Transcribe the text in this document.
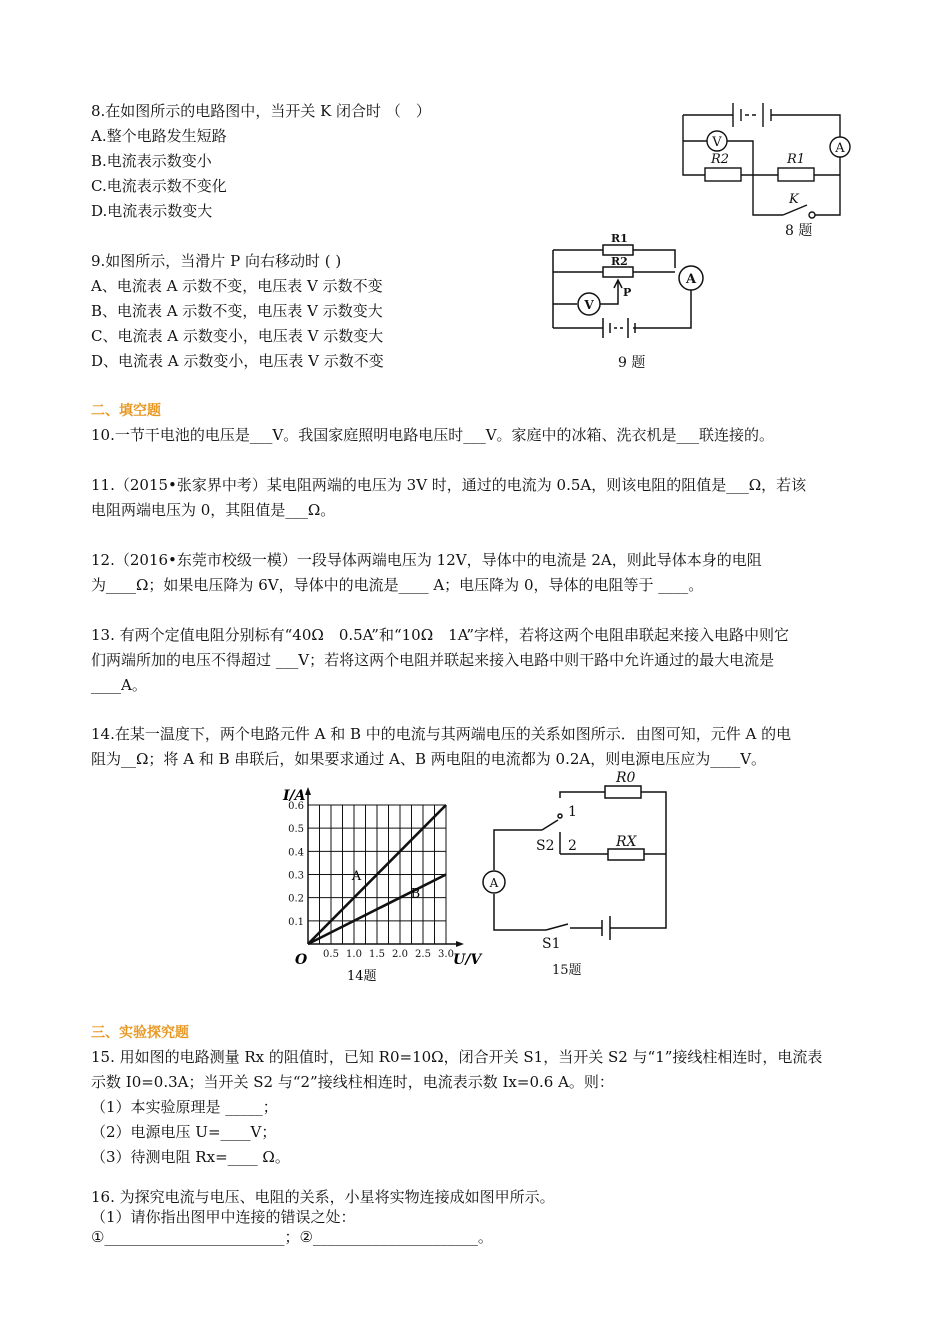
8.在如图所示的电路图中，当开关 K 闭合时 （　）
A.整个电路发生短路
B.电流表示数变小
C.电流表示数不变化
D.电流表示数变大
V	A
R2	R1
K
8 题
9.如图所示，当滑片 P 向右移动时 ( )
A、电流表 A 示数不变，电压表 V 示数不变
B、电流表 A 示数不变，电压表 V 示数变大
C、电流表 A 示数变小，电压表 V 示数变大
D、电流表 A 示数变小，电压表 V 示数不变
R1
R2
P
A
V
9 题
二、填空题
10.一节干电池的电压是___V。我国家庭照明电路电压时___V。家庭中的冰箱、洗衣机是___联连接的。
11.（2015•张家界中考）某电阻两端的电压为 3V 时，通过的电流为 0.5A，则该电阻的阻值是___Ω，若该
电阻两端电压为 0，其阻值是___Ω。
12.（2016•东莞市校级一模）一段导体两端电压为 12V，导体中的电流是 2A，则此导体本身的电阻
为____Ω；如果电压降为 6V，导体中的电流是____ A；电压降为 0，导体的电阻等于 ____。
13. 有两个定值电阻分别标有“40Ω　0.5A”和“10Ω　1A”字样，若将这两个电阻串联起来接入电路中则它
们两端所加的电压不得超过 ___V；若将这两个电阻并联起来接入电路中则干路中允许通过的最大电流是
____A。
14.在某一温度下，两个电路元件 A 和 B 中的电流与其两端电压的关系如图所示．由图可知，元件 A 的电
阻为__Ω；将 A 和 B 串联后，如果要求通过 A、B 两电阻的电流都为 0.2A，则电源电压应为____V。
0.5 1.0 1.5 2.0 2.5 3.0
0.1
0.2
0.3
0.4
0.5
0.6
I/A
U/V
O
A
B
14题
R0
RX
1
2
S2
S1
A
15题
三、实验探究题
15. 用如图的电路测量 Rx 的阻值时，已知 R0=10Ω，闭合开关 S1，当开关 S2 与“1”接线柱相连时，电流表
示数 I0=0.3A；当开关 S2 与“2”接线柱相连时，电流表示数 Ix=0.6 A。则：
（1）本实验原理是 _____；
（2）电源电压 U=____V；
（3）待测电阻 Rx=____ Ω。
16. 为探究电流与电压、电阻的关系，小星将实物连接成如图甲所示。
（1）请你指出图甲中连接的错误之处：
①________________________；②______________________。
